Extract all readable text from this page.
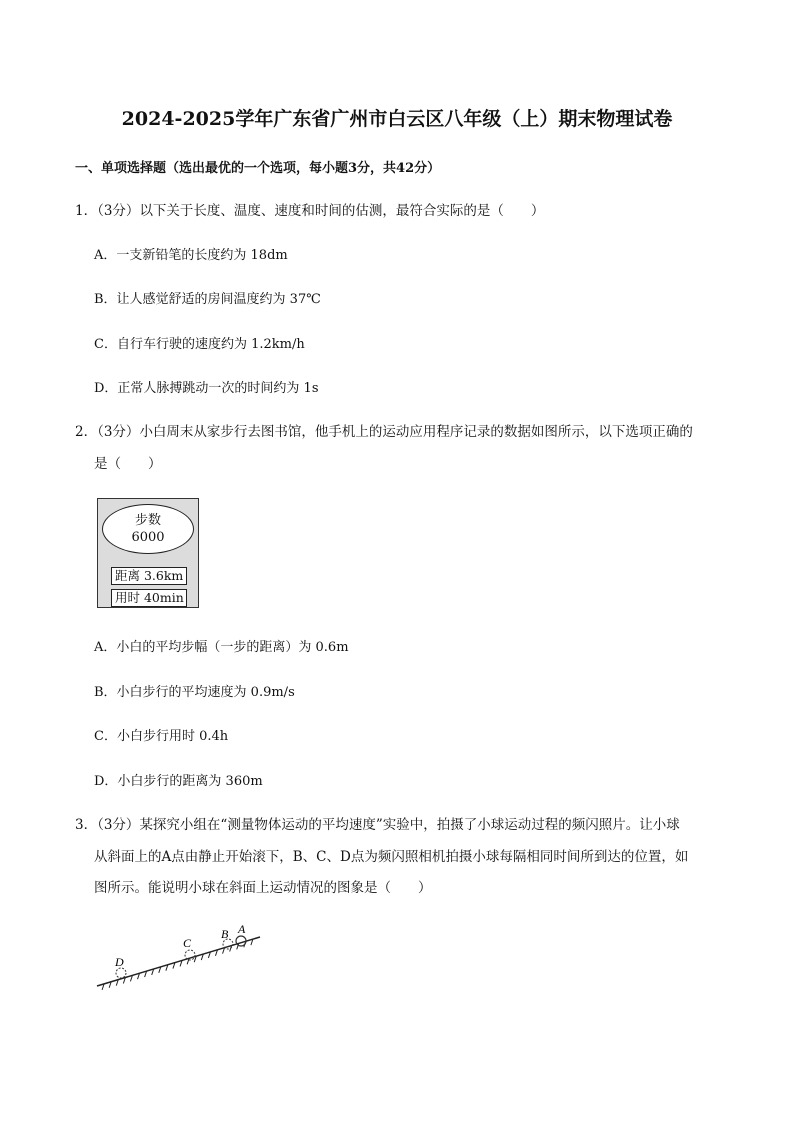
2024-2025学年广东省广州市白云区八年级（上）期末物理试卷
一、单项选择题（选出最优的一个选项，每小题3分，共42分）
1．（3分）以下关于长度、温度、速度和时间的估测，最符合实际的是（　　）
A．一支新铅笔的长度约为 18dm
B．让人感觉舒适的房间温度约为 37℃
C．自行车行驶的速度约为 1.2km/h
D．正常人脉搏跳动一次的时间约为 1s
2．（3分）小白周末从家步行去图书馆，他手机上的运动应用程序记录的数据如图所示，以下选项正确的
是（　　）
步数
6000
距离 3.6km
用时 40min
A．小白的平均步幅（一步的距离）为 0.6m
B．小白步行的平均速度为 0.9m/s
C．小白步行用时 0.4h
D．小白步行的距离为 360m
3．（3分）某探究小组在“测量物体运动的平均速度”实验中，拍摄了小球运动过程的频闪照片。让小球
从斜面上的A点由静止开始滚下，B、C、D点为频闪照相机拍摄小球每隔相同时间所到达的位置，如
图所示。能说明小球在斜面上运动情况的图象是（　　）
D
C
B A
